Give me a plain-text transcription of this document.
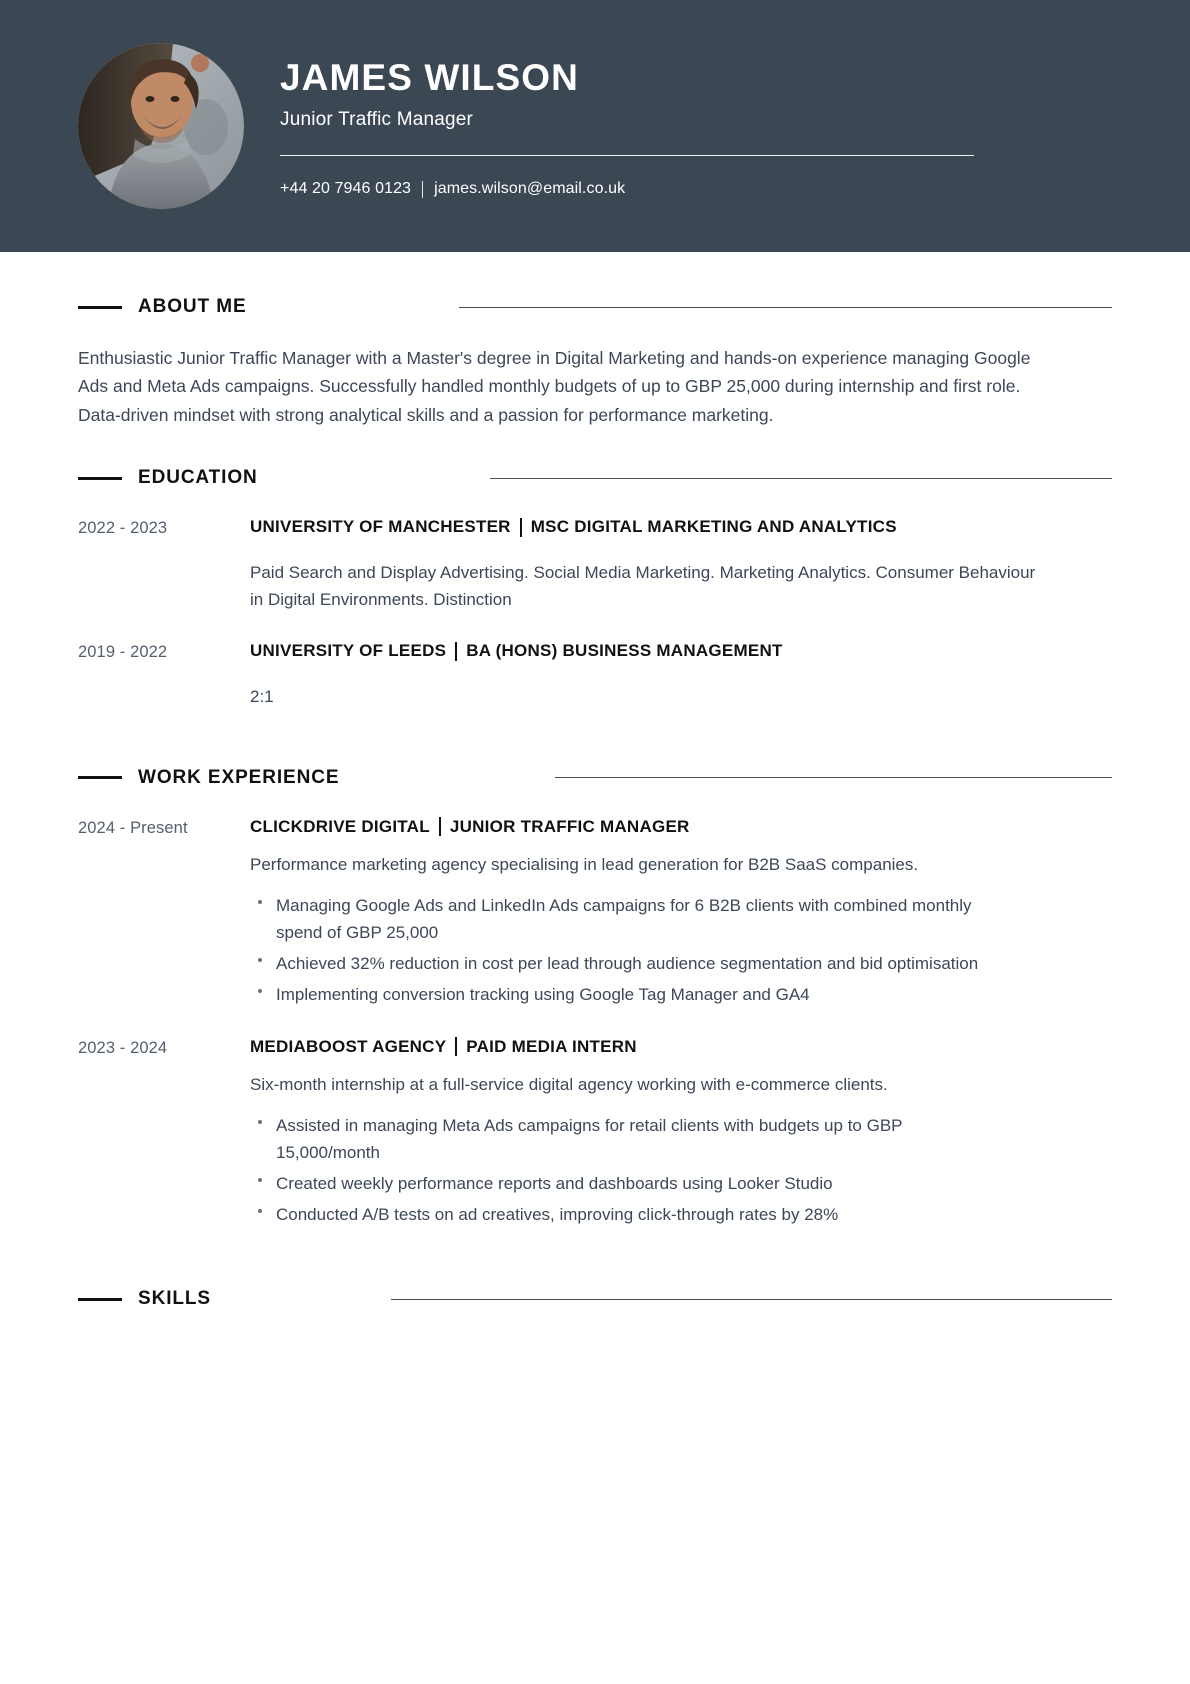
JAMES WILSON
Junior Traffic Manager
+44 20 7946 0123 james.wilson@email.co.uk
ABOUT ME

Enthusiastic Junior Traffic Manager with a Master's degree in Digital Marketing and hands-on experience managing Google Ads and Meta Ads campaigns. Successfully handled monthly budgets of up to GBP 25,000 during internship and first role. Data-driven mindset with strong analytical skills and a passion for performance marketing.

EDUCATION
2022 - 2023	UNIVERSITY OF MANCHESTER MSC DIGITAL MARKETING AND ANALYTICS
Paid Search and Display Advertising. Social Media Marketing. Marketing Analytics. Consumer Behaviour in Digital Environments. Distinction
2019 - 2022	UNIVERSITY OF LEEDS BA (HONS) BUSINESS MANAGEMENT
2:1
WORK EXPERIENCE
2024 - Present	CLICKDRIVE DIGITAL JUNIOR TRAFFIC MANAGER
Performance marketing agency specialising in lead generation for B2B SaaS companies.
Managing Google Ads and LinkedIn Ads campaigns for 6 B2B clients with combined monthly spend of GBP 25,000
Achieved 32% reduction in cost per lead through audience segmentation and bid optimisation
Implementing conversion tracking using Google Tag Manager and GA4
2023 - 2024	MEDIABOOST AGENCY PAID MEDIA INTERN
Six-month internship at a full-service digital agency working with e-commerce clients.
Assisted in managing Meta Ads campaigns for retail clients with budgets up to GBP 15,000/month
Created weekly performance reports and dashboards using Looker Studio
Conducted A/B tests on ad creatives, improving click-through rates by 28%
SKILLS
